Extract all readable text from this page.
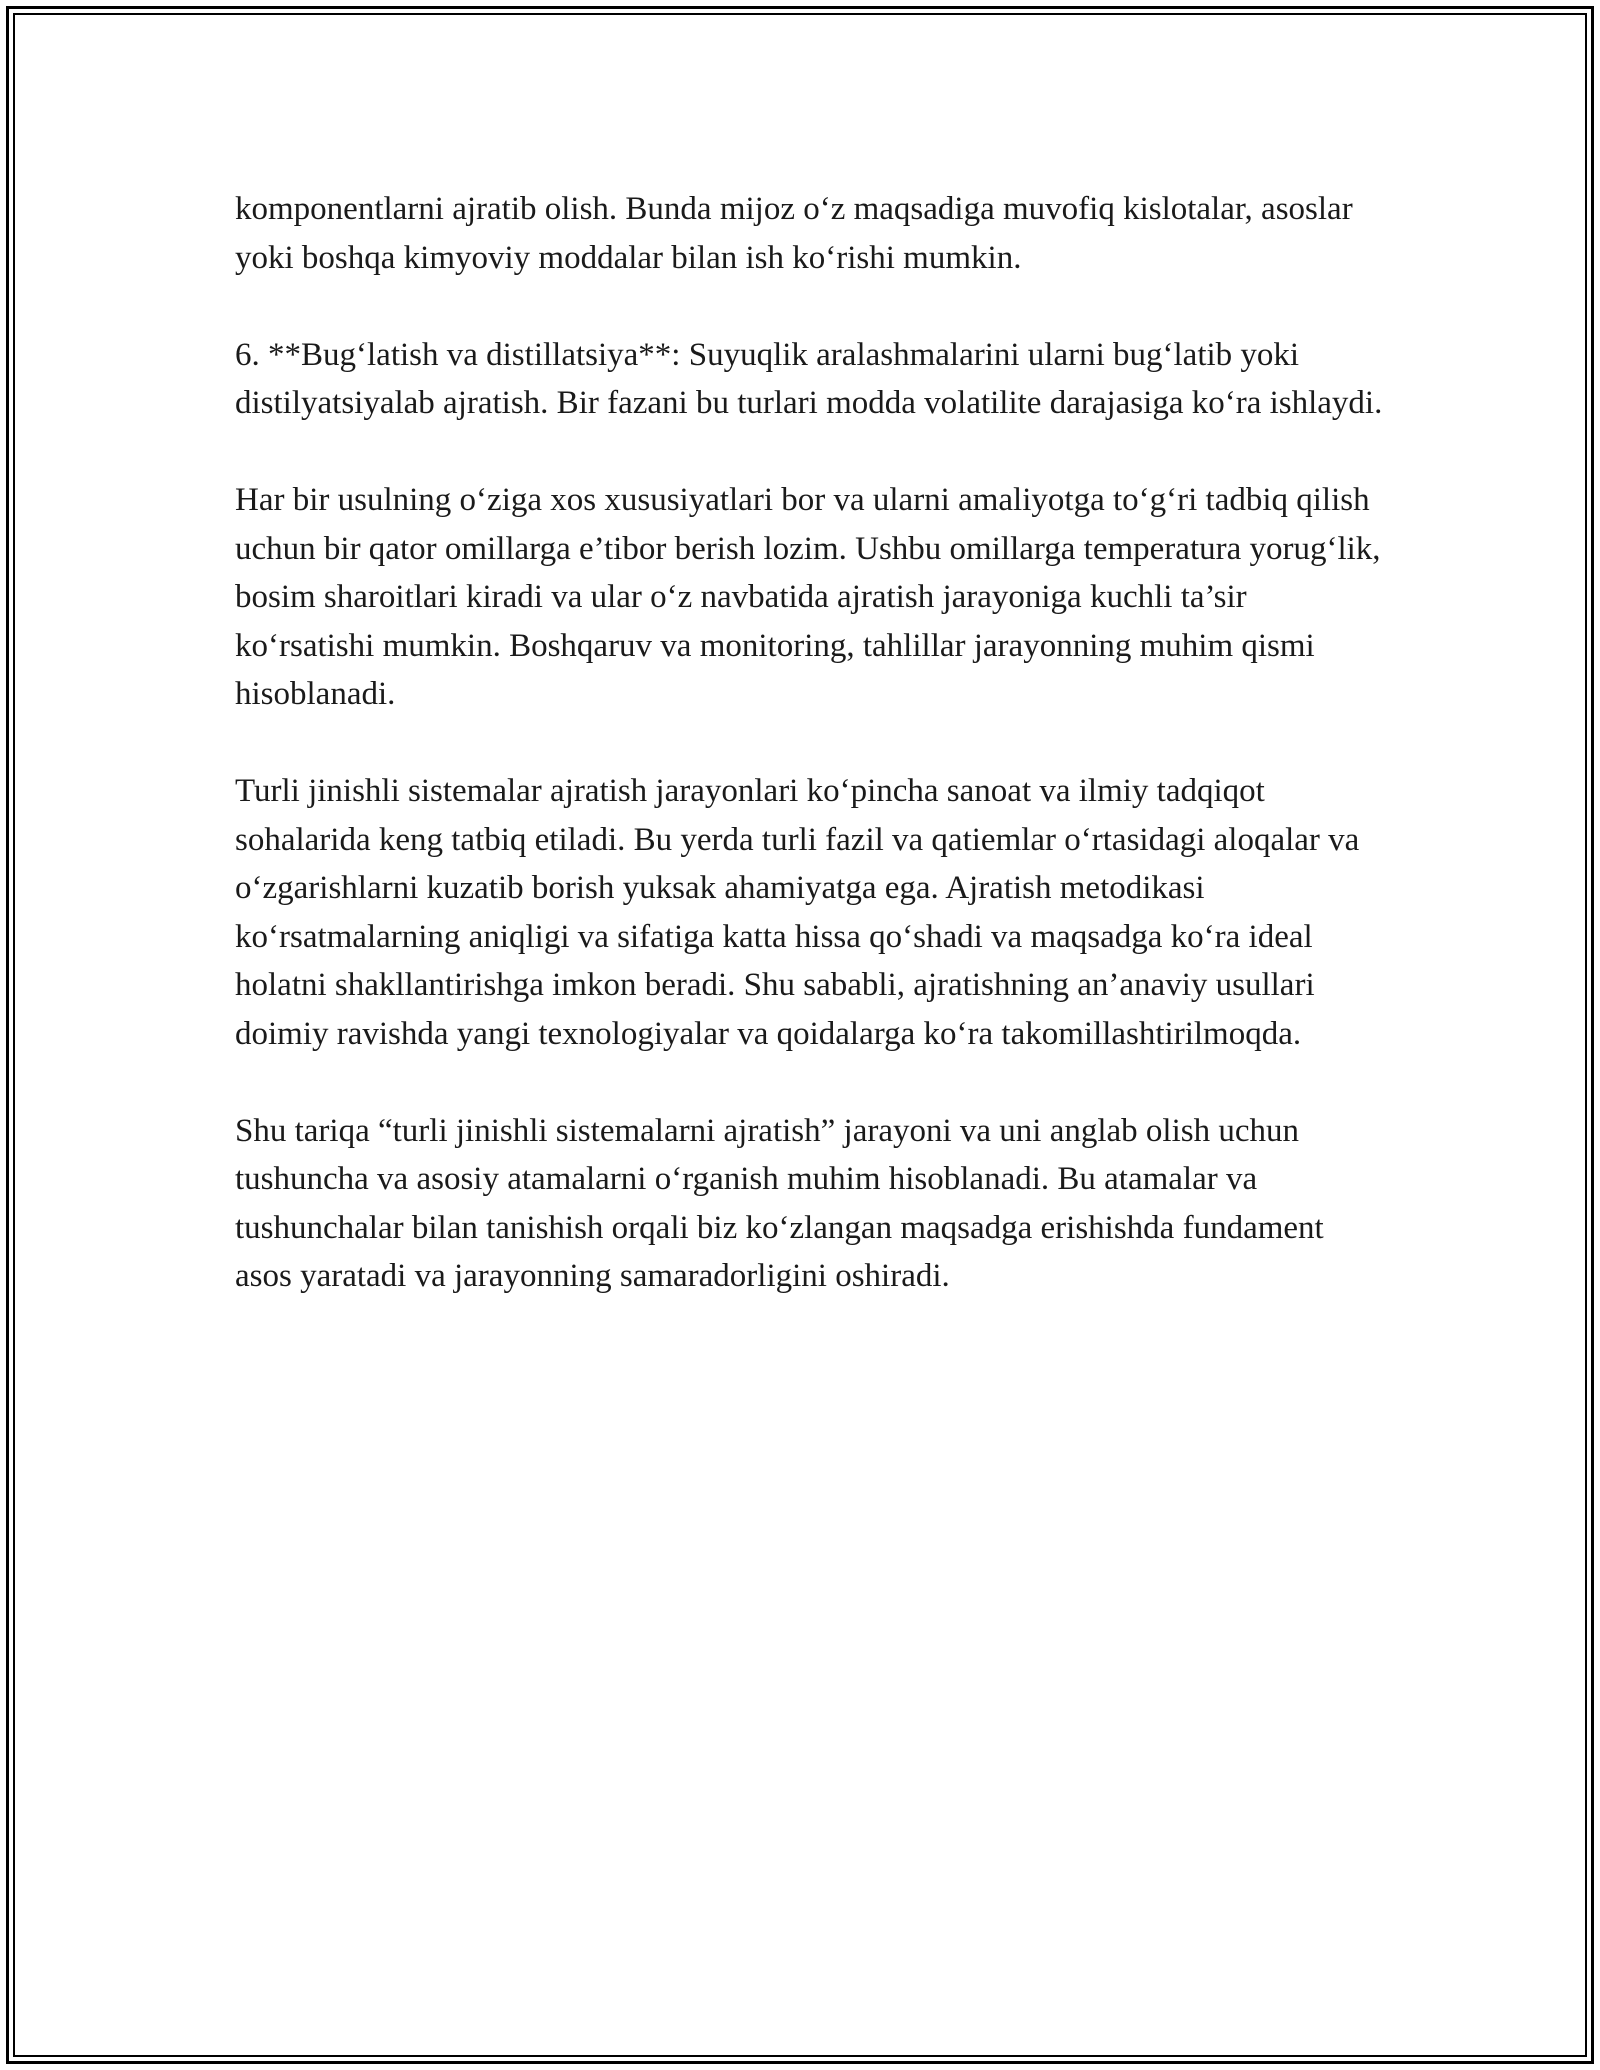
komponentlarni ajratib olish. Bunda mijoz o‘z maqsadiga muvofiq kislotalar, asoslar yoki boshqa kimyoviy moddalar bilan ish ko‘rishi mumkin.

6. **Bug‘latish va distillatsiya**: Suyuqlik aralashmalarini ularni bug‘latib yoki distilyatsiyalab ajratish. Bir fazani bu turlari modda volatilite darajasiga ko‘ra ishlaydi.

Har bir usulning o‘ziga xos xususiyatlari bor va ularni amaliyotga to‘g‘ri tadbiq qilish uchun bir qator omillarga e’tibor berish lozim. Ushbu omillarga temperatura yorug‘lik, bosim sharoitlari kiradi va ular o‘z navbatida ajratish jarayoniga kuchli ta’sir ko‘rsatishi mumkin. Boshqaruv va monitoring, tahlillar jarayonning muhim qismi hisoblanadi.

Turli jinishli sistemalar ajratish jarayonlari ko‘pincha sanoat va ilmiy tadqiqot sohalarida keng tatbiq etiladi. Bu yerda turli fazil va qatiemlar o‘rtasidagi aloqalar va o‘zgarishlarni kuzatib borish yuksak ahamiyatga ega. Ajratish metodikasi ko‘rsatmalarning aniqligi va sifatiga katta hissa qo‘shadi va maqsadga ko‘ra ideal holatni shakllantirishga imkon beradi. Shu sababli, ajratishning an’anaviy usullari doimiy ravishda yangi texnologiyalar va qoidalarga ko‘ra takomillashtirilmoqda.

Shu tariqa “turli jinishli sistemalarni ajratish” jarayoni va uni anglab olish uchun tushuncha va asosiy atamalarni o‘rganish muhim hisoblanadi. Bu atamalar va tushunchalar bilan tanishish orqali biz ko‘zlangan maqsadga erishishda fundament asos yaratadi va jarayonning samaradorligini oshiradi.
